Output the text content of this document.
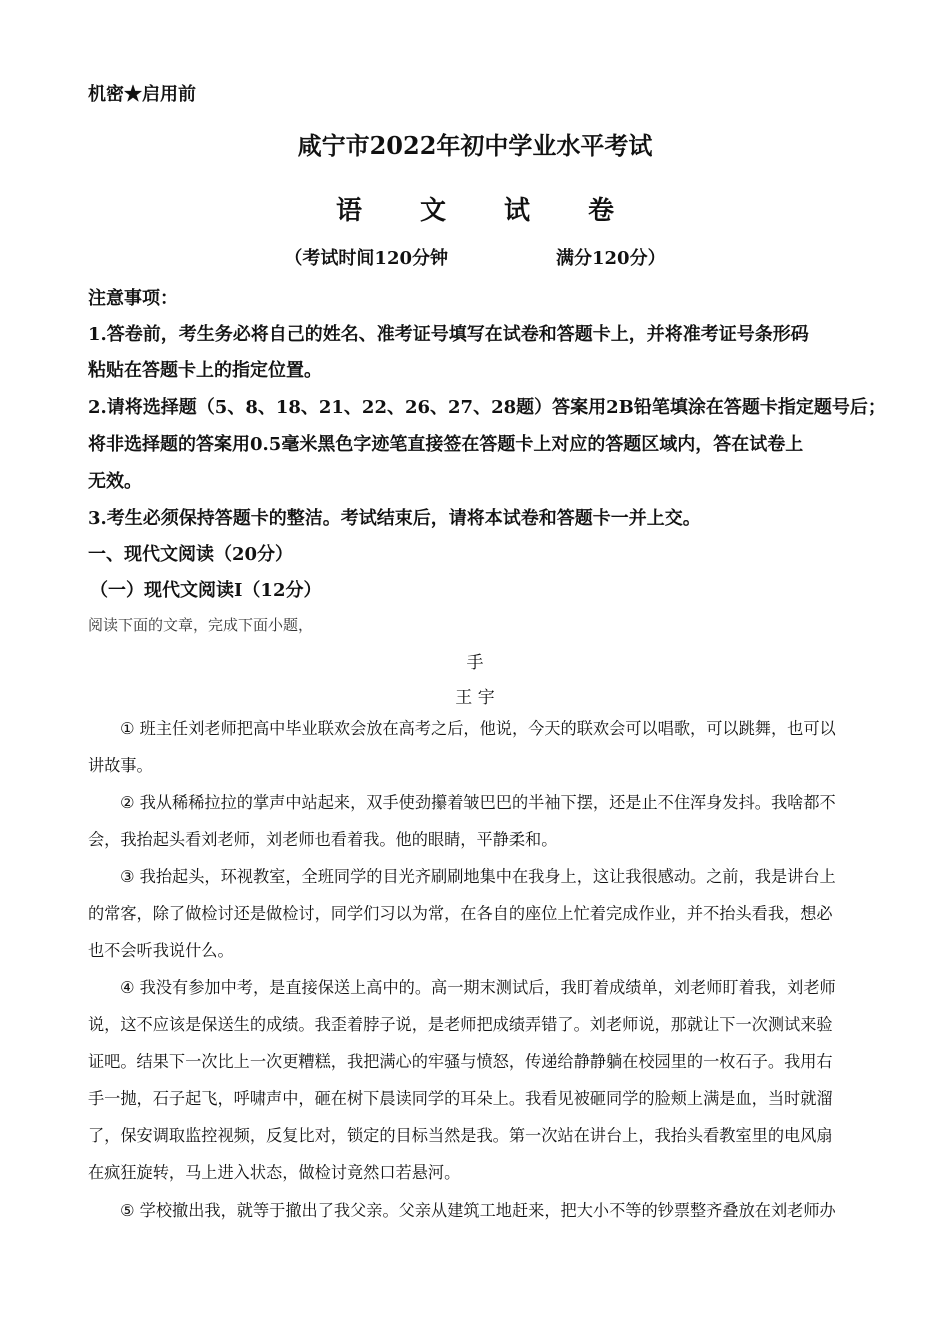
机密★启用前
咸宁市2022年初中学业水平考试
语 文 试 卷
（考试时间120分钟	满分120分）
注意事项：
1.答卷前，考生务必将自己的姓名、准考证号填写在试卷和答题卡上，并将准考证号条形码
粘贴在答题卡上的指定位置。
2.请将选择题（5、8、18、21、22、26、27、28题）答案用2B铅笔填涂在答题卡指定题号后；
将非选择题的答案用0.5毫米黑色字迹笔直接签在答题卡上对应的答题区域内，答在试卷上
无效。
3.考生必须保持答题卡的整洁。考试结束后，请将本试卷和答题卡一并上交。
一、现代文阅读（20分）
（一）现代文阅读Ⅰ（12分）
阅读下面的文章，完成下面小题，
手
王 宇
① 班主任刘老师把高中毕业联欢会放在高考之后，他说，今天的联欢会可以唱歌，可以跳舞，也可以
讲故事。
② 我从稀稀拉拉的掌声中站起来，双手使劲攥着皱巴巴的半袖下摆，还是止不住浑身发抖。我啥都不
会，我抬起头看刘老师，刘老师也看着我。他的眼睛，平静柔和。
③ 我抬起头，环视教室，全班同学的目光齐刷刷地集中在我身上，这让我很感动。之前，我是讲台上
的常客，除了做检讨还是做检讨，同学们习以为常，在各自的座位上忙着完成作业，并不抬头看我，想必
也不会听我说什么。
④ 我没有参加中考，是直接保送上高中的。高一期末测试后，我盯着成绩单，刘老师盯着我，刘老师
说，这不应该是保送生的成绩。我歪着脖子说，是老师把成绩弄错了。刘老师说，那就让下一次测试来验
证吧。结果下一次比上一次更糟糕，我把满心的牢骚与愤怒，传递给静静躺在校园里的一枚石子。我用右
手一抛，石子起飞，呼啸声中，砸在树下晨读同学的耳朵上。我看见被砸同学的脸颊上满是血，当时就溜
了，保安调取监控视频，反复比对，锁定的目标当然是我。第一次站在讲台上，我抬头看教室里的电风扇
在疯狂旋转，马上进入状态，做检讨竟然口若悬河。
⑤ 学校撤出我，就等于撤出了我父亲。父亲从建筑工地赶来，把大小不等的钞票整齐叠放在刘老师办
